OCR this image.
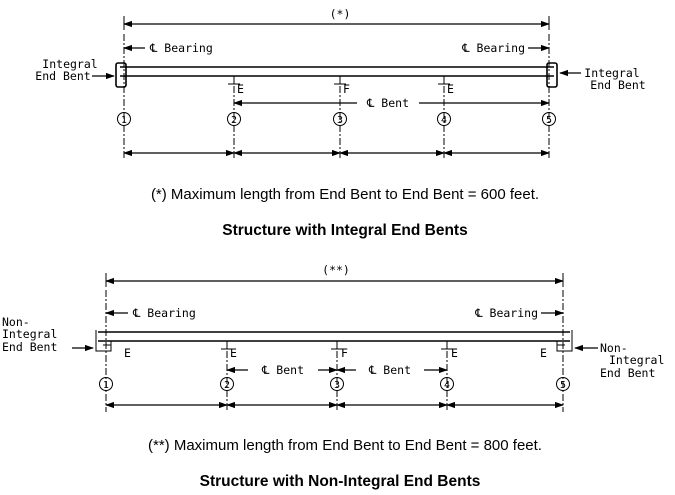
(*)
℄ Bearing	℄ Bearing
Integral
End Bent	Integral
End Bent
E	F	E
℄ Bent
1	2	3	4	5
(*) Maximum length from End Bent to End Bent = 600 feet.
Structure with Integral End Bents
(**)
℄ Bearing	℄ Bearing
Non-
Integral
End Bent	Non-
Integral
End Bent
E	E	F	E	E
℄ Bent	℄ Bent
1	2	3	4	5
(**) Maximum length from End Bent to End Bent = 800 feet.
Structure with Non-Integral End Bents
